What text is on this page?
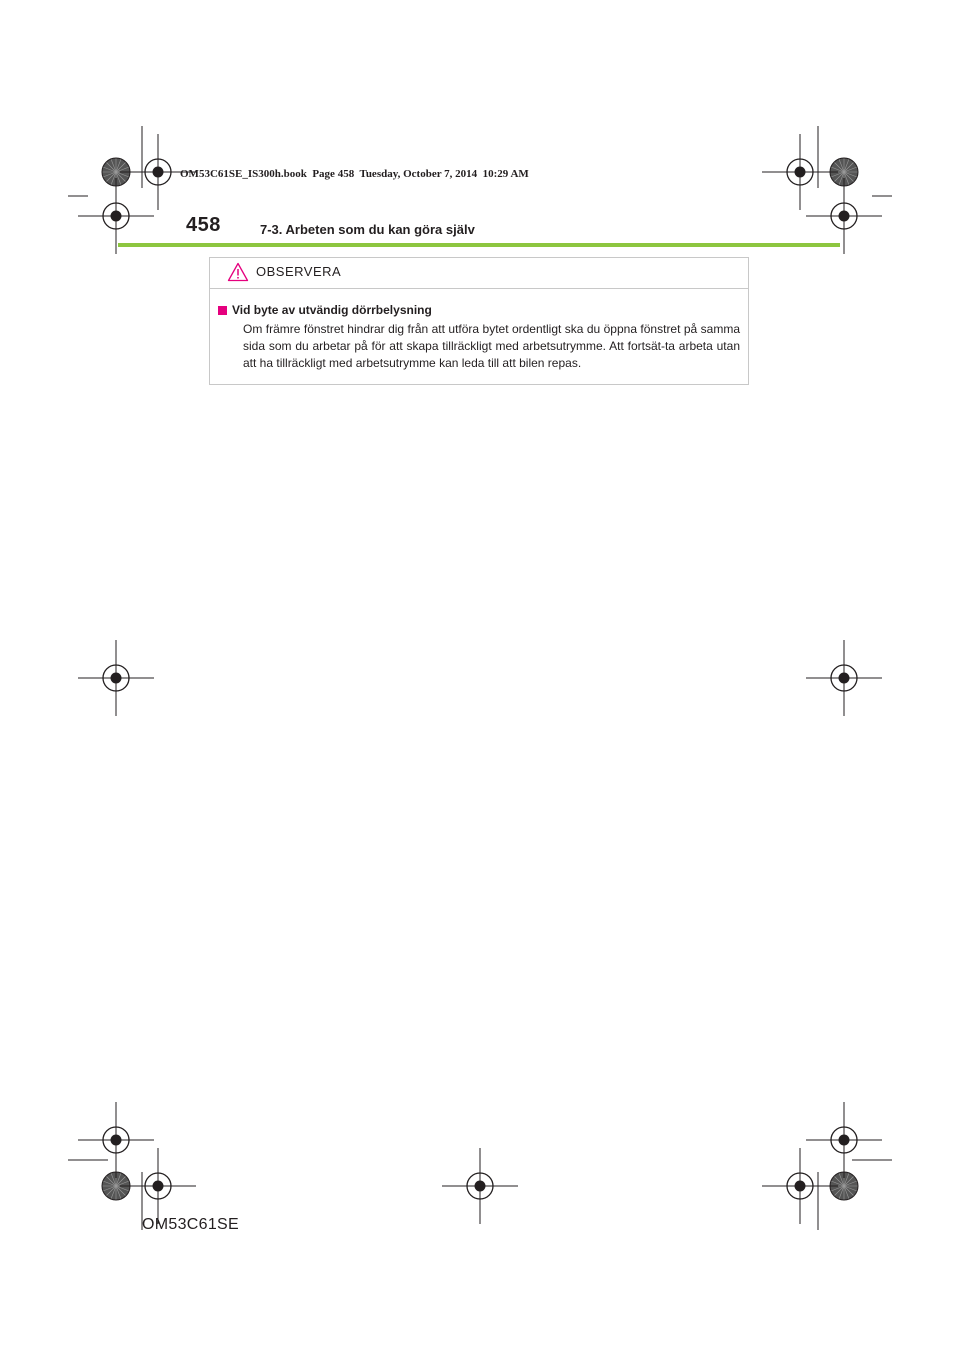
OM53C61SE_IS300h.book  Page 458  Tuesday, October 7, 2014  10:29 AM
458	7-3. Arbeten som du kan göra själv
OBSERVERA
Vid byte av utvändig dörrbelysning

Om främre fönstret hindrar dig från att utföra bytet ordentligt ska du öppna fönstret på samma sida som du arbetar på för att skapa tillräckligt med arbetsutrymme. Att fortsät-ta arbeta utan att ha tillräckligt med arbetsutrymme kan leda till att bilen repas.

OM53C61SE
